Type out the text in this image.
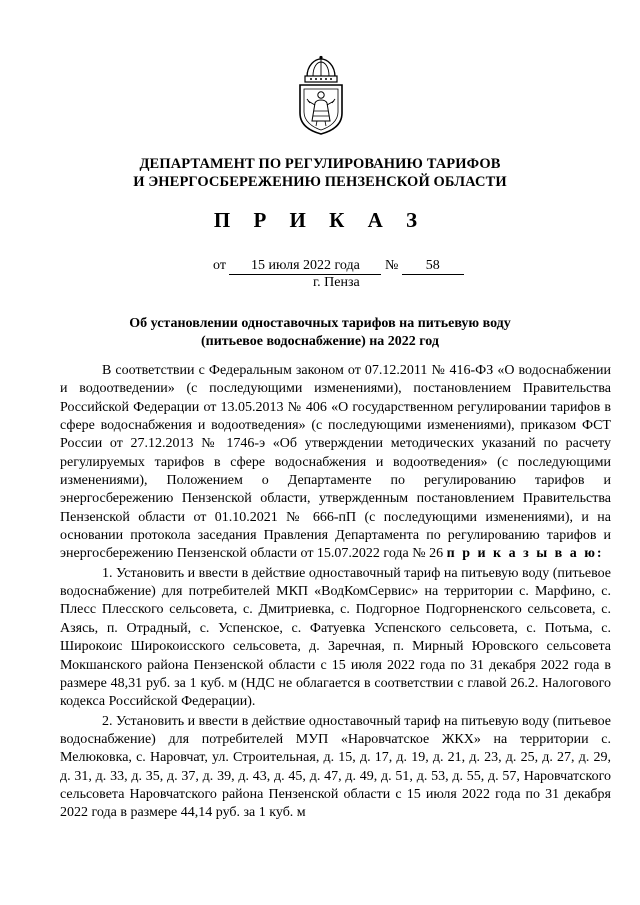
ДЕПАРТАМЕНТ ПО РЕГУЛИРОВАНИЮ ТАРИФОВ
И ЭНЕРГОСБЕРЕЖЕНИЮ ПЕНЗЕНСКОЙ ОБЛАСТИ
П Р И К А З
от 15 июля 2022 года № 58
г. Пенза
Об установлении одноставочных тарифов на питьевую воду
(питьевое водоснабжение) на 2022 год

В соответствии с Федеральным законом от 07.12.2011 № 416-ФЗ «О водоснабжении и водоотведении» (с последующими изменениями), постановлением Правительства Российской Федерации от 13.05.2013 № 406 «О государственном регулировании тарифов в сфере водоснабжения и водоотведения» (с последующими изменениями), приказом ФСТ России от 27.12.2013 № 1746-э «Об утверждении методических указаний по расчету регулируемых тарифов в сфере водоснабжения и водоотведения» (с последующими изменениями), Положением о Департаменте по регулированию тарифов и энергосбережению Пензенской области, утвержденным постановлением Правительства Пензенской области от 01.10.2021 № 666-пП (с последующими изменениями), и на основании протокола заседания Правления Департамента по регулированию тарифов и энергосбережению Пензенской области от 15.07.2022 года № 26 п р и к а з ы в а ю:

1. Установить и ввести в действие одноставочный тариф на питьевую воду (питьевое водоснабжение) для потребителей МКП «ВодКомСервис» на территории с. Марфино, с. Плесс Плесского сельсовета, с. Дмитриевка, с. Подгорное Подгорненского сельсовета, с. Азясь, п. Отрадный, с. Успенское, с. Фатуевка Успенского сельсовета, с. Потьма, с. Широкоис Широкоисского сельсовета, д. Заречная, п. Мирный Юровского сельсовета Мокшанского района Пензенской области с 15 июля 2022 года по 31 декабря 2022 года в размере 48,31 руб. за 1 куб. м (НДС не облагается в соответствии с главой 26.2. Налогового кодекса Российской Федерации).

2. Установить и ввести в действие одноставочный тариф на питьевую воду (питьевое водоснабжение) для потребителей МУП «Наровчатское ЖКХ» на территории с. Мелюковка, с. Наровчат, ул. Строительная, д. 15, д. 17, д. 19, д. 21, д. 23, д. 25, д. 27, д. 29, д. 31, д. 33, д. 35, д. 37, д. 39, д. 43, д. 45, д. 47, д. 49, д. 51, д. 53, д. 55, д. 57, Наровчатского сельсовета Наровчатского района Пензенской области с 15 июля 2022 года по 31 декабря 2022 года в размере 44,14 руб. за 1 куб. м
